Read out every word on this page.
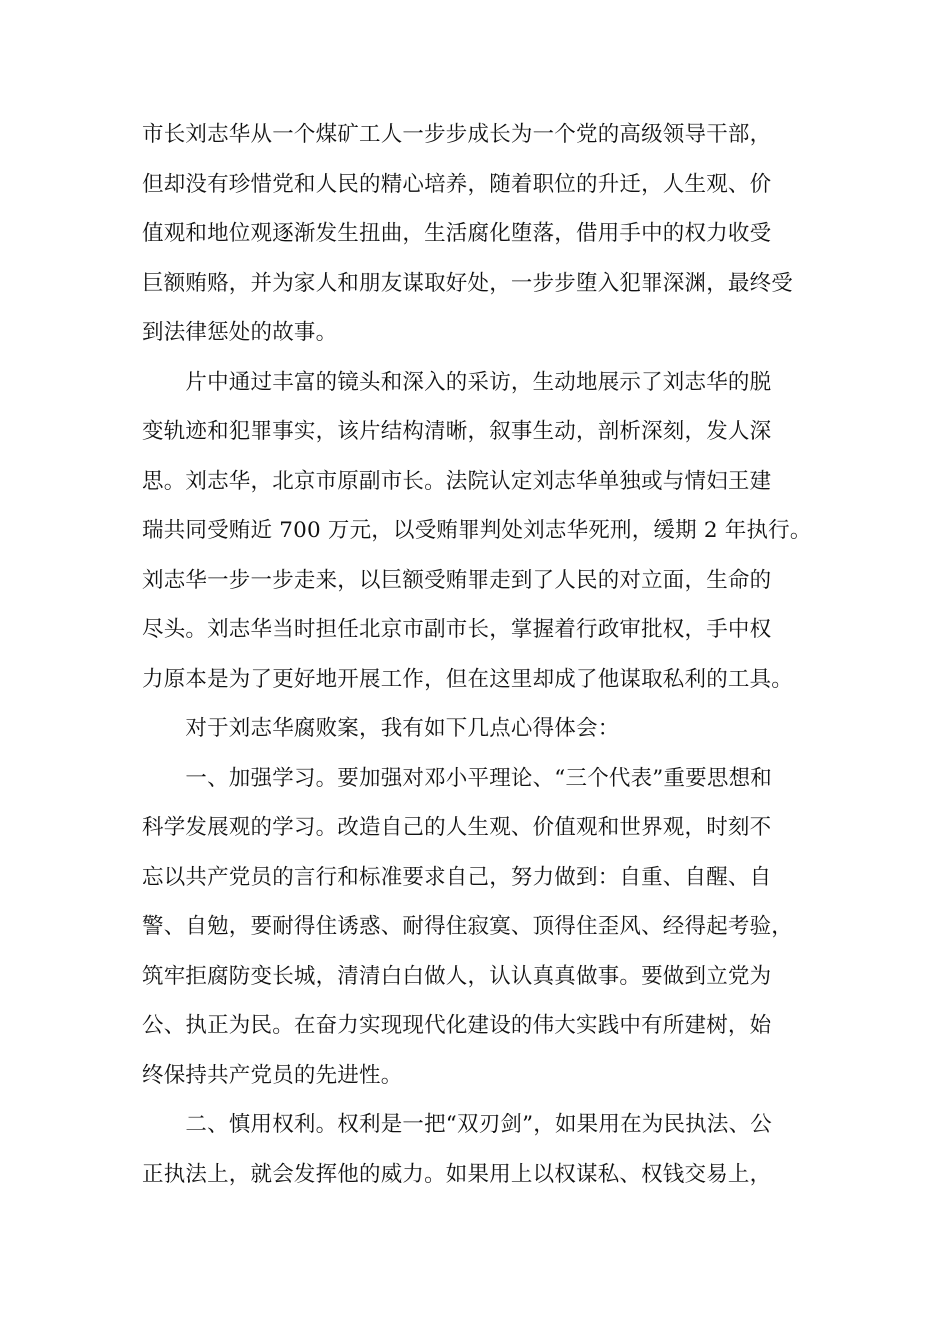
市长刘志华从一个煤矿工人一步步成长为一个党的高级领导干部，
但却没有珍惜党和人民的精心培养，随着职位的升迁，人生观、价
值观和地位观逐渐发生扭曲，生活腐化堕落，借用手中的权力收受
巨额贿赂，并为家人和朋友谋取好处，一步步堕入犯罪深渊，最终受
到法律惩处的故事。
　　片中通过丰富的镜头和深入的采访，生动地展示了刘志华的脱
变轨迹和犯罪事实，该片结构清晰，叙事生动，剖析深刻，发人深
思。刘志华，北京市原副市长。法院认定刘志华单独或与情妇王建
瑞共同受贿近 700 万元，以受贿罪判处刘志华死刑，缓期 2 年执行。
刘志华一步一步走来，以巨额受贿罪走到了人民的对立面，生命的
尽头。刘志华当时担任北京市副市长，掌握着行政审批权，手中权
力原本是为了更好地开展工作，但在这里却成了他谋取私利的工具。
　　对于刘志华腐败案，我有如下几点心得体会：
　　一、加强学习。要加强对邓小平理论、“三个代表”重要思想和
科学发展观的学习。改造自己的人生观、价值观和世界观，时刻不
忘以共产党员的言行和标准要求自己，努力做到：自重、自醒、自
警、自勉，要耐得住诱惑、耐得住寂寞、顶得住歪风、经得起考验，
筑牢拒腐防变长城，清清白白做人，认认真真做事。要做到立党为
公、执正为民。在奋力实现现代化建设的伟大实践中有所建树，始
终保持共产党员的先进性。
　　二、慎用权利。权利是一把“双刃剑”，如果用在为民执法、公
正执法上，就会发挥他的威力。如果用上以权谋私、权钱交易上，
